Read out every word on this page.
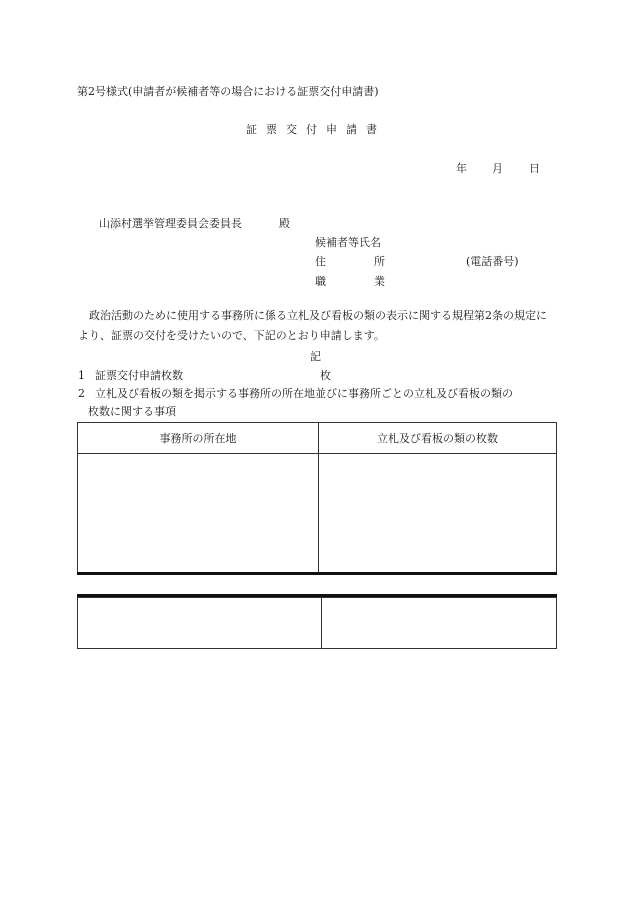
第2号様式(申請者が候補者等の場合における証票交付申請書)
証票交付申請書
年 月 日
山添村選挙管理委員会委員長	殿
候補者等氏名
住	所	(電話番号)
職	業
政治活動のために使用する事務所に係る立札及び看板の類の表示に関する規程第2条の規定により、証票の交付を受けたいので、下記のとおり申請します。
記
1 証票交付申請枚数	枚
2 立札及び看板の類を掲示する事務所の所在地並びに事務所ごとの立札及び看板の類の
枚数に関する事項
事務所の所在地	立札及び看板の類の枚数
